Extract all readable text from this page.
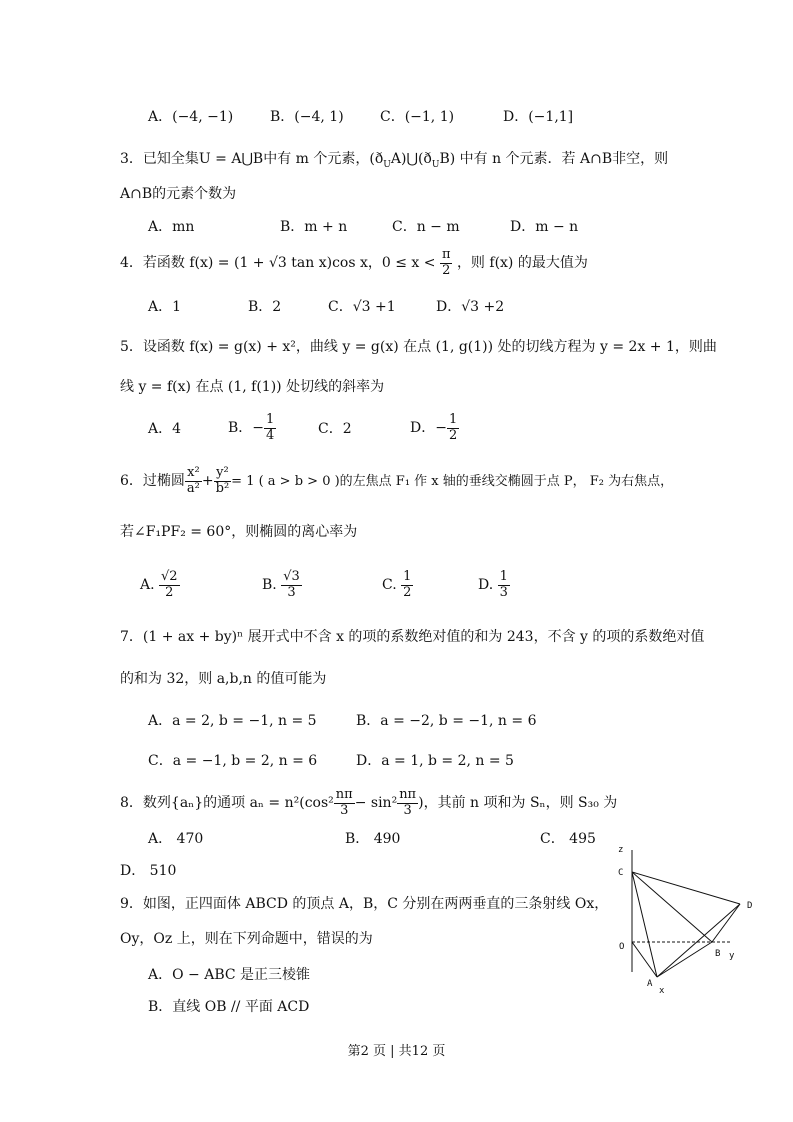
A．(−4, −1)	B．(−4, 1)	C．(−1, 1)	D．(−1,1]
3．已知全集U = A⋃B中有 m 个元素，$(ð_UA)⋃(ð_UB)$ 中有 n 个元素．若 A∩B非空，则
A∩B的元素个数为
A．mn	B．m + n	C．n − m	D．m − n
4．若函数 f(x) = (1 + √3 tan x)cos x，$0 \le x < \frac{\pi}{2}$ ，则 f(x) 的最大值为
A．1	B．2	C．√3 +1	D．√3 +2
5．设函数 f(x) = g(x) + x²，曲线 y = g(x) 在点 (1, g(1)) 处的切线方程为 y = 2x + 1，则曲
线 y = f(x) 在点 (1, f(1)) 处切线的斜率为
A．4	B．− $\frac{1}{4}$	C．2	D．− $\frac{1}{2}$
6．过椭圆 $\frac{\text{x²}}{\text{a²}} + \frac{\text{y²}}{\text{b²}} = 1$ ( a > b > 0 )的左焦点 F₁ 作 x 轴的垂线交椭圆于点 P， F₂ 为右焦点，
若∠F₁PF₂ = 60°，则椭圆的离心率为
A. $\frac{√2}{2}$	B. $\frac{√3}{3}$	C. $\frac{1}{2}$	D. $\frac{1}{3}$
7．(1 + ax + by)ⁿ 展开式中不含 x 的项的系数绝对值的和为 243，不含 y 的项的系数绝对值
的和为 32，则 a,b,n 的值可能为
A．a = 2, b = −1, n = 5	B．a = −2, b = −1, n = 6
C．a = −1, b = 2, n = 6	D．a = 1, b = 2, n = 5
8．数列{aₙ}的通项 $a_n = n^2(\cos^2 \frac{n\pi}{3} - \sin^2 \frac{n\pi}{3}$ )，其前 n 项和为 Sₙ，则 S₃₀ 为
A． 470	B． 490	C． 495
D． 510
9．如图，正四面体 ABCD 的顶点 A，B，C 分别在两两垂直的三条射线 Ox，
Oy，Oz 上，则在下列命题中，错误的为
A．O − ABC 是正三棱锥
B．直线 OB // 平面 ACD
z
C
D
O
B y
A
x
第2 页 | 共12 页
